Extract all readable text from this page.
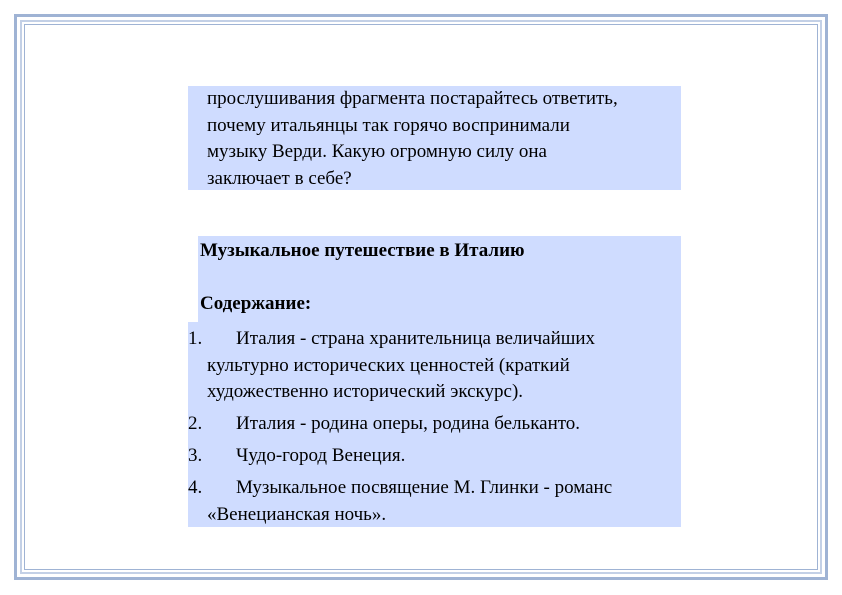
прослушивания фрагмента постарайтесь ответить,

почему итальянцы так горячо воспринимали

музыку Верди. Какую огромную силу она

заключает в себе?

Музыкальное путешествие в Италию
Содержание:
1.	Италия - страна хранительница величайших
культурно исторических ценностей (краткий
художественно исторический экскурс).
2.	Италия - родина оперы, родина бельканто.
3.	Чудо-город Венеция.
4.	Музыкальное посвящение М. Глинки - романс
«Венецианская ночь».
